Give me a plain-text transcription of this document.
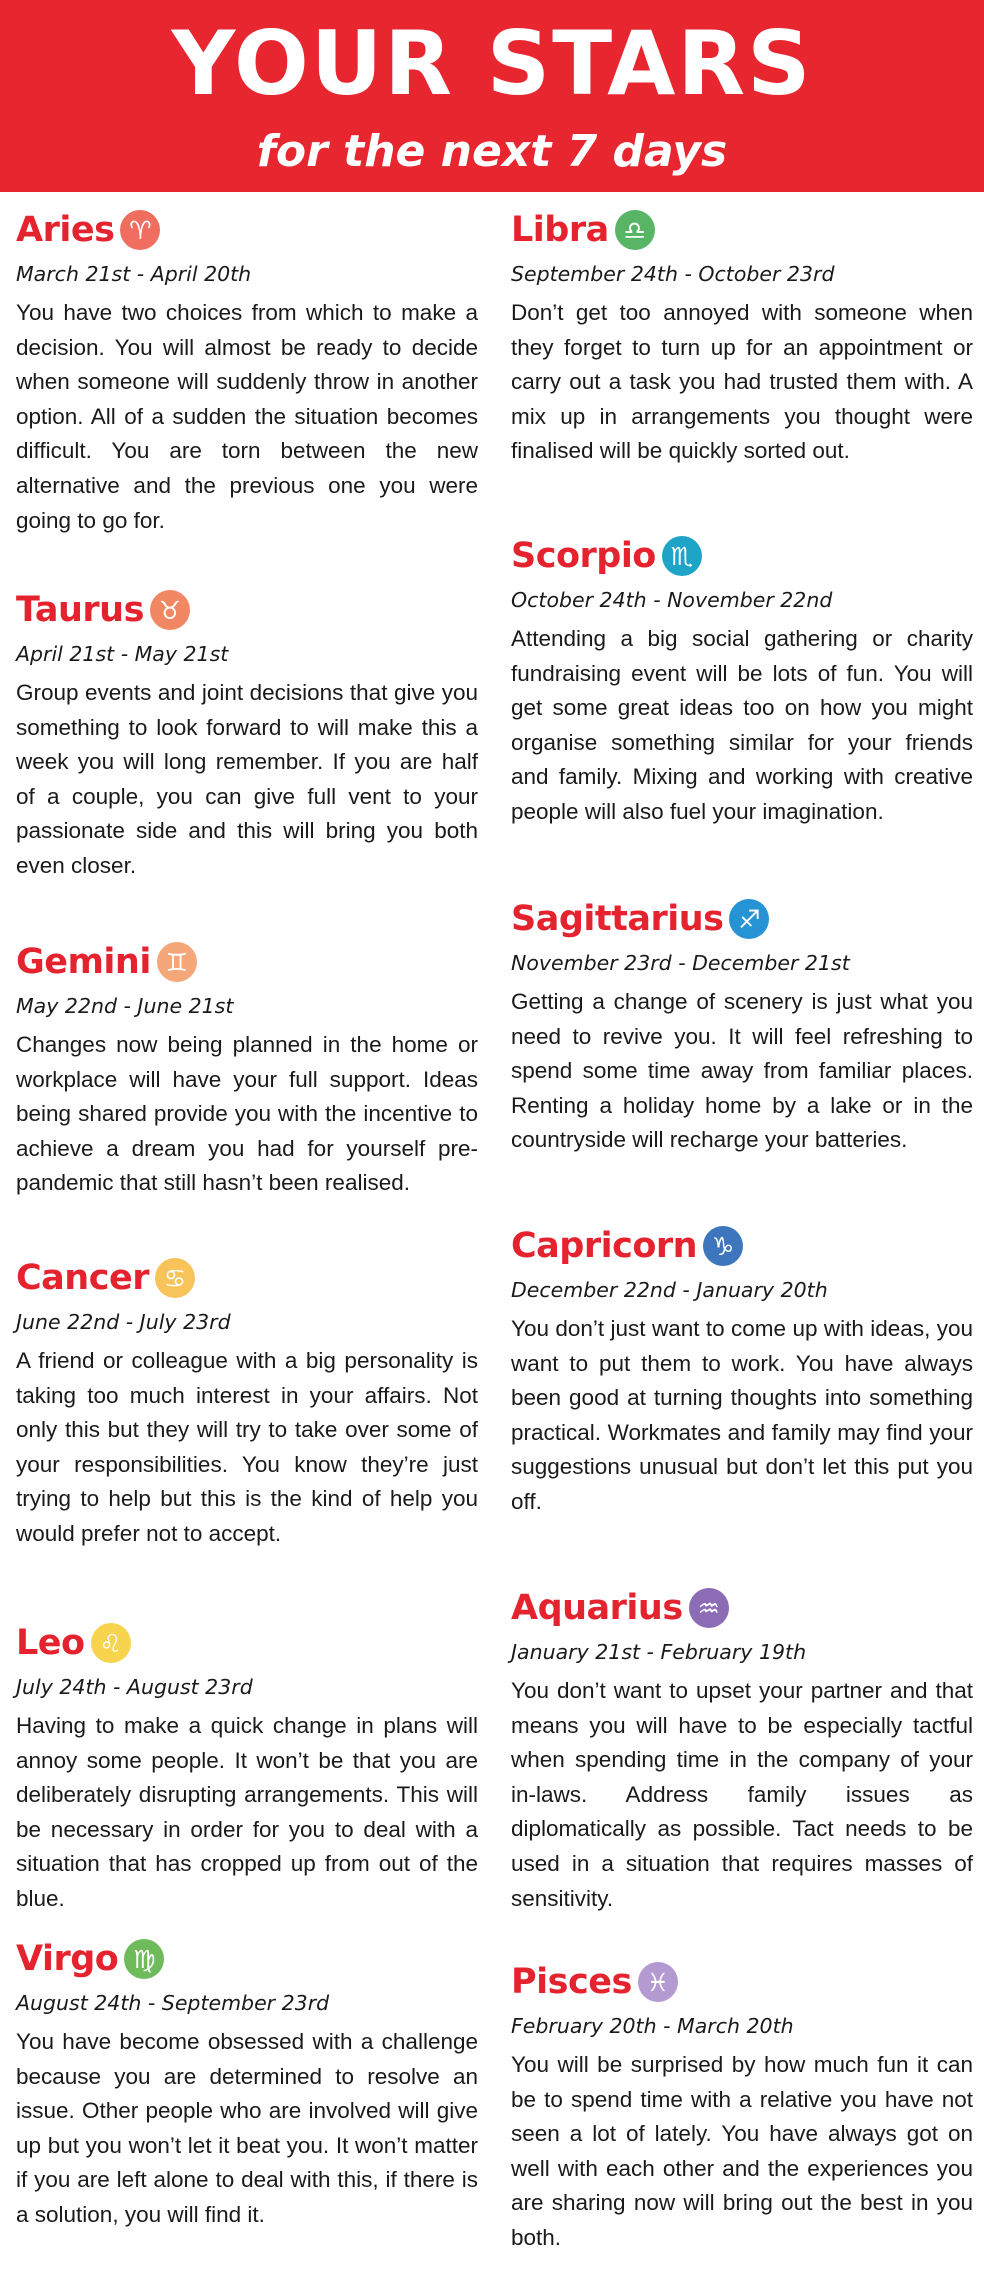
YOUR STARS
for the next 7 days
Aries ♈
March 21st - April 20th

You have two choices from which to make a decision. You will almost be ready to decide when someone will suddenly throw in another option. All of a sudden the situation becomes difficult. You are torn between the new alternative and the previous one you were going to go for.

Taurus ♉
April 21st - May 21st

Group events and joint decisions that give you something to look forward to will make this a week you will long remember. If you are half of a couple, you can give full vent to your passionate side and this will bring you both even closer.

Gemini ♊
May 22nd - June 21st

Changes now being planned in the home or workplace will have your full support. Ideas being shared provide you with the incentive to achieve a dream you had for yourself pre-pandemic that still hasn’t been realised.

Cancer ♋
June 22nd - July 23rd

A friend or colleague with a big personality is taking too much interest in your affairs. Not only this but they will try to take over some of your responsibilities. You know they’re just trying to help but this is the kind of help you would prefer not to accept.

Leo ♌
July 24th - August 23rd

Having to make a quick change in plans will annoy some people. It won’t be that you are deliberately disrupting arrangements. This will be necessary in order for you to deal with a situation that has cropped up from out of the blue.

Virgo ♍
August 24th - September 23rd

You have become obsessed with a challenge because you are determined to resolve an issue. Other people who are involved will give up but you won’t let it beat you. It won’t matter if you are left alone to deal with this, if there is a solution, you will find it.

Libra ♎
September 24th - October 23rd

Don’t get too annoyed with someone when they forget to turn up for an appointment or carry out a task you had trusted them with. A mix up in arrangements you thought were finalised will be quickly sorted out.

Scorpio ♏
October 24th - November 22nd

Attending a big social gathering or charity fundraising event will be lots of fun. You will get some great ideas too on how you might organise something similar for your friends and family. Mixing and working with creative people will also fuel your imagination.

Sagittarius ♐
November 23rd - December 21st

Getting a change of scenery is just what you need to revive you. It will feel refreshing to spend some time away from familiar places. Renting a holiday home by a lake or in the countryside will recharge your batteries.

Capricorn ♑
December 22nd - January 20th

You don’t just want to come up with ideas, you want to put them to work. You have always been good at turning thoughts into something practical. Workmates and family may find your suggestions unusual but don’t let this put you off.

Aquarius ♒
January 21st - February 19th

You don’t want to upset your partner and that means you will have to be especially tactful when spending time in the company of your in-laws. Address family issues as diplomatically as possible. Tact needs to be used in a situation that requires masses of sensitivity.

Pisces ♓
February 20th - March 20th

You will be surprised by how much fun it can be to spend time with a relative you have not seen a lot of lately. You have always got on well with each other and the experiences you are sharing now will bring out the best in you both.
